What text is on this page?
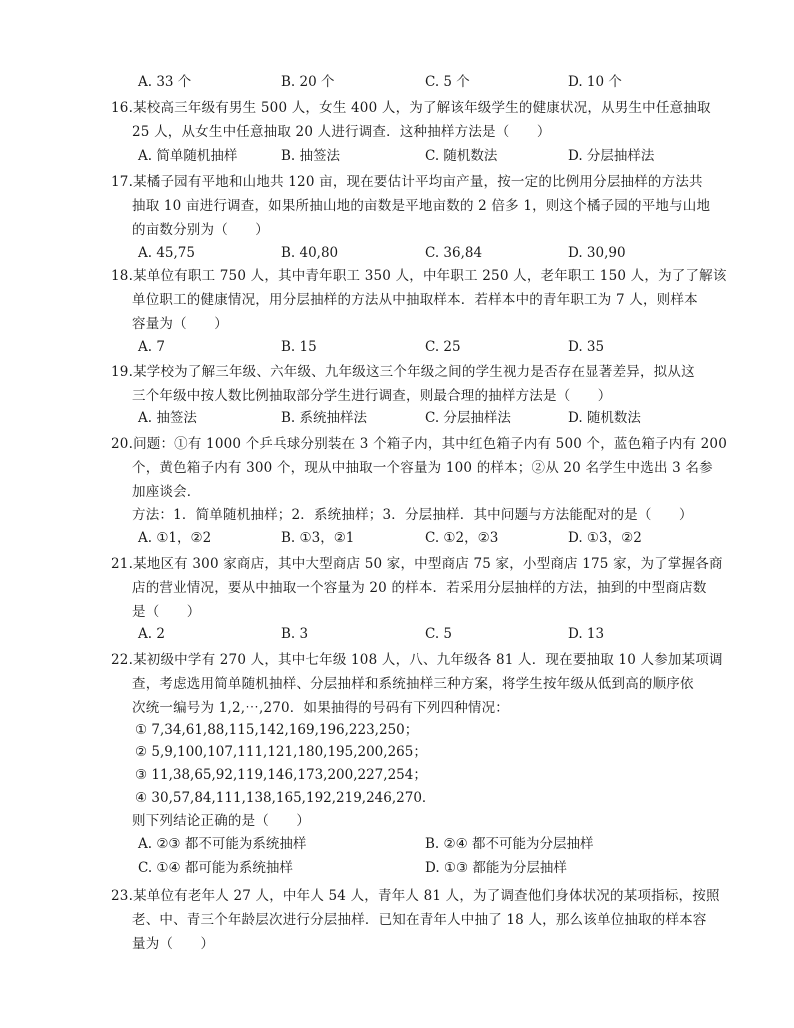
A. 33 个	B. 20 个	C. 5 个	D. 10 个
16.某校高三年级有男生 500 人，女生 400 人，为了解该年级学生的健康状况，从男生中任意抽取
25 人，从女生中任意抽取 20 人进行调查．这种抽样方法是（　　）
A. 简单随机抽样	B. 抽签法	C. 随机数法	D. 分层抽样法
17.某橘子园有平地和山地共 120 亩，现在要估计平均亩产量，按一定的比例用分层抽样的方法共
抽取 10 亩进行调查，如果所抽山地的亩数是平地亩数的 2 倍多 1，则这个橘子园的平地与山地
的亩数分别为（　　）
A. 45,75	B. 40,80	C. 36,84	D. 30,90
18.某单位有职工 750 人，其中青年职工 350 人，中年职工 250 人，老年职工 150 人，为了了解该
单位职工的健康情况，用分层抽样的方法从中抽取样本．若样本中的青年职工为 7 人，则样本
容量为（　　）
A. 7	B. 15	C. 25	D. 35
19.某学校为了解三年级、六年级、九年级这三个年级之间的学生视力是否存在显著差异，拟从这
三个年级中按人数比例抽取部分学生进行调查，则最合理的抽样方法是（　　）
A. 抽签法	B. 系统抽样法	C. 分层抽样法	D. 随机数法
20.问题：①有 1000 个乒乓球分别装在 3 个箱子内，其中红色箱子内有 500 个，蓝色箱子内有 200
个，黄色箱子内有 300 个，现从中抽取一个容量为 100 的样本；②从 20 名学生中选出 3 名参
加座谈会．
方法：1．简单随机抽样；2．系统抽样；3．分层抽样．其中问题与方法能配对的是（　　）
A. ①1，②2	B. ①3，②1	C. ①2，②3	D. ①3，②2
21.某地区有 300 家商店，其中大型商店 50 家，中型商店 75 家，小型商店 175 家，为了掌握各商
店的营业情况，要从中抽取一个容量为 20 的样本．若采用分层抽样的方法，抽到的中型商店数
是（　　）
A. 2	B. 3	C. 5	D. 13
22.某初级中学有 270 人，其中七年级 108 人，八、九年级各 81 人．现在要抽取 10 人参加某项调
查，考虑选用简单随机抽样、分层抽样和系统抽样三种方案，将学生按年级从低到高的顺序依
次统一编号为 1,2,⋯,270．如果抽得的号码有下列四种情况：
① 7,34,61,88,115,142,169,196,223,250；
② 5,9,100,107,111,121,180,195,200,265；
③ 11,38,65,92,119,146,173,200,227,254；
④ 30,57,84,111,138,165,192,219,246,270．
则下列结论正确的是（　　）
A. ②③ 都不可能为系统抽样	B. ②④ 都不可能为分层抽样
C. ①④ 都可能为系统抽样	D. ①③ 都能为分层抽样
23.某单位有老年人 27 人，中年人 54 人，青年人 81 人，为了调查他们身体状况的某项指标，按照
老、中、青三个年龄层次进行分层抽样．已知在青年人中抽了 18 人，那么该单位抽取的样本容
量为（　　）
